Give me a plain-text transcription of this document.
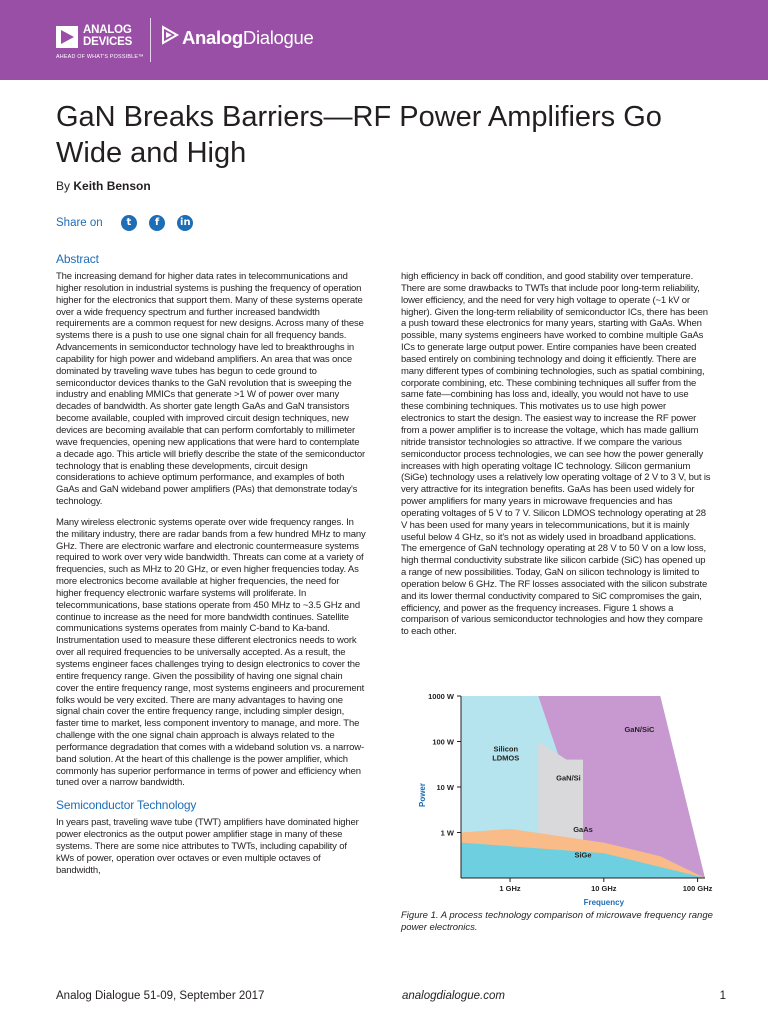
ANALOG
DEVICES
AHEAD OF WHAT'S POSSIBLE™
AnalogDialogue
GaN Breaks Barriers—RF Power Amplifiers Go Wide and High
By Keith Benson
Share on t f in
Abstract

The increasing demand for higher data rates in telecommunications and higher resolution in industrial systems is pushing the frequency of operation higher for the electronics that support them. Many of these systems operate over a wide frequency spectrum and further increased bandwidth requirements are a common request for new designs. Across many of these systems there is a push to use one signal chain for all frequency bands. Advancements in semiconductor technology have led to breakthroughs in capability for high power and wideband amplifiers. An area that was once dominated by traveling wave tubes has begun to cede ground to semiconductor devices thanks to the GaN revolution that is sweeping the industry and enabling MMICs that generate >1 W of power over many decades of bandwidth. As shorter gate length GaAs and GaN transistors become available, coupled with improved circuit design techniques, new devices are becoming available that can perform comfortably to millimeter wave frequencies, opening new applications that were hard to contemplate a decade ago. This article will briefly describe the state of the semiconductor technology that is enabling these developments, circuit design considerations to achieve optimum performance, and examples of both GaAs and GaN wideband power amplifiers (PAs) that demonstrate today's technology.

Many wireless electronic systems operate over wide frequency ranges. In the military industry, there are radar bands from a few hundred MHz to many GHz. There are electronic warfare and electronic countermeasure systems required to work over very wide bandwidth. Threats can come at a variety of frequencies, such as MHz to 20 GHz, or even higher frequencies today. As more electronics become available at higher frequencies, the need for higher frequency electronic warfare systems will proliferate. In telecommunications, base stations operate from 450 MHz to ~3.5 GHz and continue to increase as the need for more bandwidth continues. Satellite communications systems operates from mainly C-band to Ka-band. Instrumentation used to measure these different electronics needs to work over all required frequencies to be universally accepted. As a result, the systems engineer faces challenges trying to design electronics to cover the entire frequency range. Given the possibility of having one signal chain cover the entire frequency range, most systems engineers and procurement folks would be very excited. There are many advantages to having one signal chain cover the entire frequency range, including simpler design, faster time to market, less component inventory to manage, and more. The challenge with the one signal chain approach is always related to the performance degradation that comes with a wideband solution vs. a narrow-band solution. At the heart of this challenge is the power amplifier, which commonly has superior performance in terms of power and efficiency when tuned over a narrow bandwidth.

Semiconductor Technology

In years past, traveling wave tube (TWT) amplifiers have dominated higher power electronics as the output power amplifier stage in many of these systems. There are some nice attributes to TWTs, including capability of kWs of power, operation over octaves or even multiple octaves of bandwidth,

high efficiency in back off condition, and good stability over temperature. There are some drawbacks to TWTs that include poor long-term reliability, lower efficiency, and the need for very high voltage to operate (~1 kV or higher). Given the long-term reliability of semiconductor ICs, there has been a push toward these electronics for many years, starting with GaAs. When possible, many systems engineers have worked to combine multiple GaAs ICs to generate large output power. Entire companies have been created based entirely on combining technology and doing it efficiently. There are many different types of combining technologies, such as spatial combining, corporate combining, etc. These combining techniques all suffer from the same fate—combining has loss and, ideally, you would not have to use these combining techniques. This motivates us to use high power electronics to start the design. The easiest way to increase the RF power from a power amplifier is to increase the voltage, which has made gallium nitride transistor technologies so attractive. If we compare the various semiconductor process technologies, we can see how the power generally increases with high operating voltage IC technology. Silicon germanium (SiGe) technology uses a relatively low operating voltage of 2 V to 3 V, but is very attractive for its integration benefits. GaAs has been used widely for power amplifiers for many years in microwave frequencies and has operating voltages of 5 V to 7 V. Silicon LDMOS technology operating at 28 V has been used for many years in telecommunications, but it is mainly useful below 4 GHz, so it's not as widely used in broadband applications. The emergence of GaN technology operating at 28 V to 50 V on a low loss, high thermal conductivity substrate like silicon carbide (SiC) has opened up a range of new possibilities. Today, GaN on silicon technology is limited to operation below 6 GHz. The RF losses associated with the silicon substrate and its lower thermal conductivity compared to SiC compromises the gain, efficiency, and power as the frequency increases. Figure 1 shows a comparison of various semiconductor technologies and how they compare to each other.

1000 W
100 W
10 W
1 W
1 GHz	10 GHz	100 GHz
Frequency
Power
Silicon LDMOS
GaN/SiC
GaN/Si
GaAs
SiGe
Figure 1. A process technology comparison of microwave frequency range power electronics.
Analog Dialogue 51-09, September 2017	analogdialogue.com	1
